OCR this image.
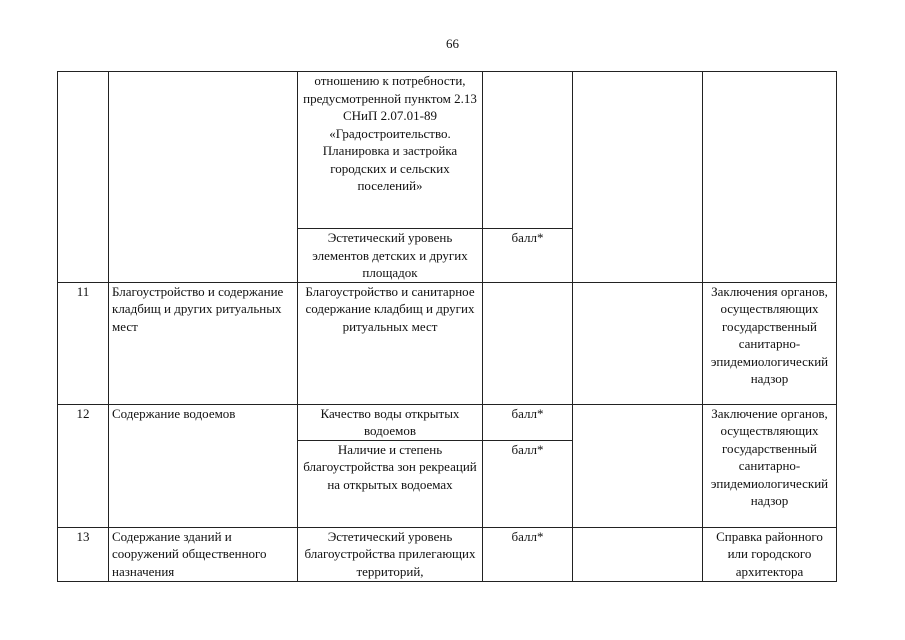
66
		отношению к потребности, предусмотренной пунктом 2.13 СНиП 2.07.01-89 «Градостроительство. Планировка и застройка городских и сельских поселений»			
		Эстетический уровень элементов детских и других площадок	балл*		
11	Благоустройство и содержание кладбищ и других ритуальных мест	Благоустройство и санитарное содержание кладбищ и других ритуальных мест			Заключения органов, осуществляющих государственный санитарно-эпидемиологический надзор
12	Содержание водоемов	Качество воды открытых водоемов	балл*		Заключение органов, осуществляющих государственный санитарно-эпидемиологический надзор
		Наличие и степень благоустройства зон рекреаций на открытых водоемах	балл*		
13	Содержание зданий и сооружений общественного назначения	Эстетический уровень благоустройства прилегающих территорий,	балл*		Справка районного или городского архитектора
